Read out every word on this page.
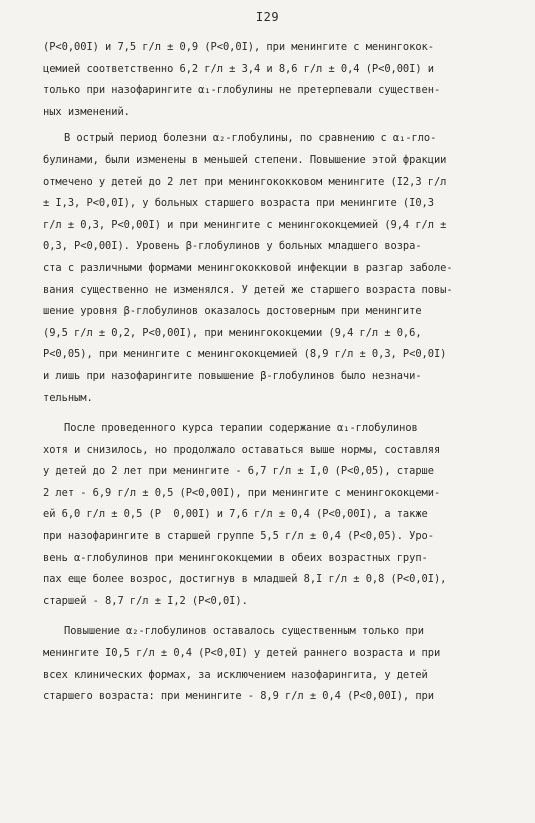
I29
(P<0,00I) и 7,5 г/л ± 0,9 (P<0,0I), при менингите с менингокок-
цемией соответственно 6,2 г/л ± 3,4 и 8,6 г/л ± 0,4 (P<0,00I) и
только при назофарингите α₁-глобулины не претерпевали существен-
ных изменений.
В острый период болезни α₂-глобулины, по сравнению с α₁-гло-
булинами, были изменены в меньшей степени. Повышение этой фракции
отмечено у детей до 2 лет при менингококковом менингите (I2,3 г/л
± I,3, P<0,0I), у больных старшего возраста при менингите (I0,3
г/л ± 0,3, P<0,00I) и при менингите с менингококцемией (9,4 г/л ±
0,3, P<0,00I). Уровень β-глобулинов у больных младшего возра-
ста с различными формами менингококковой инфекции в разгар заболе-
вания существенно не изменялся. У детей же старшего возраста повы-
шение уровня β-глобулинов оказалось достоверным при менингите
(9,5 г/л ± 0,2, P<0,00I), при менингококцемии (9,4 г/л ± 0,6,
P<0,05), при менингите с менингококцемией (8,9 г/л ± 0,3, P<0,0I)
и лишь при назофарингите повышение β-глобулинов было незначи-
тельным.
После проведенного курса терапии содержание α₁-глобулинов
хотя и снизилось, но продолжало оставаться выше нормы, составляя
у детей до 2 лет при менингите - 6,7 г/л ± I,0 (P<0,05), старше
2 лет - 6,9 г/л ± 0,5 (P<0,00I), при менингите с менингококцеми-
ей 6,0 г/л ± 0,5 (P  0,00I) и 7,6 г/л ± 0,4 (P<0,00I), а также
при назофарингите в старшей группе 5,5 г/л ± 0,4 (P<0,05). Уро-
вень α-глобулинов при менингококцемии в обеих возрастных груп-
пах еще более возрос, достигнув в младшей 8,I г/л ± 0,8 (P<0,0I),
старшей - 8,7 г/л ± I,2 (P<0,0I).
Повышение α₂-глобулинов оставалось существенным только при
менингите I0,5 г/л ± 0,4 (P<0,0I) у детей раннего возраста и при
всех клинических формах, за исключением назофарингита, у детей
старшего возраста: при менингите - 8,9 г/л ± 0,4 (P<0,00I), при
